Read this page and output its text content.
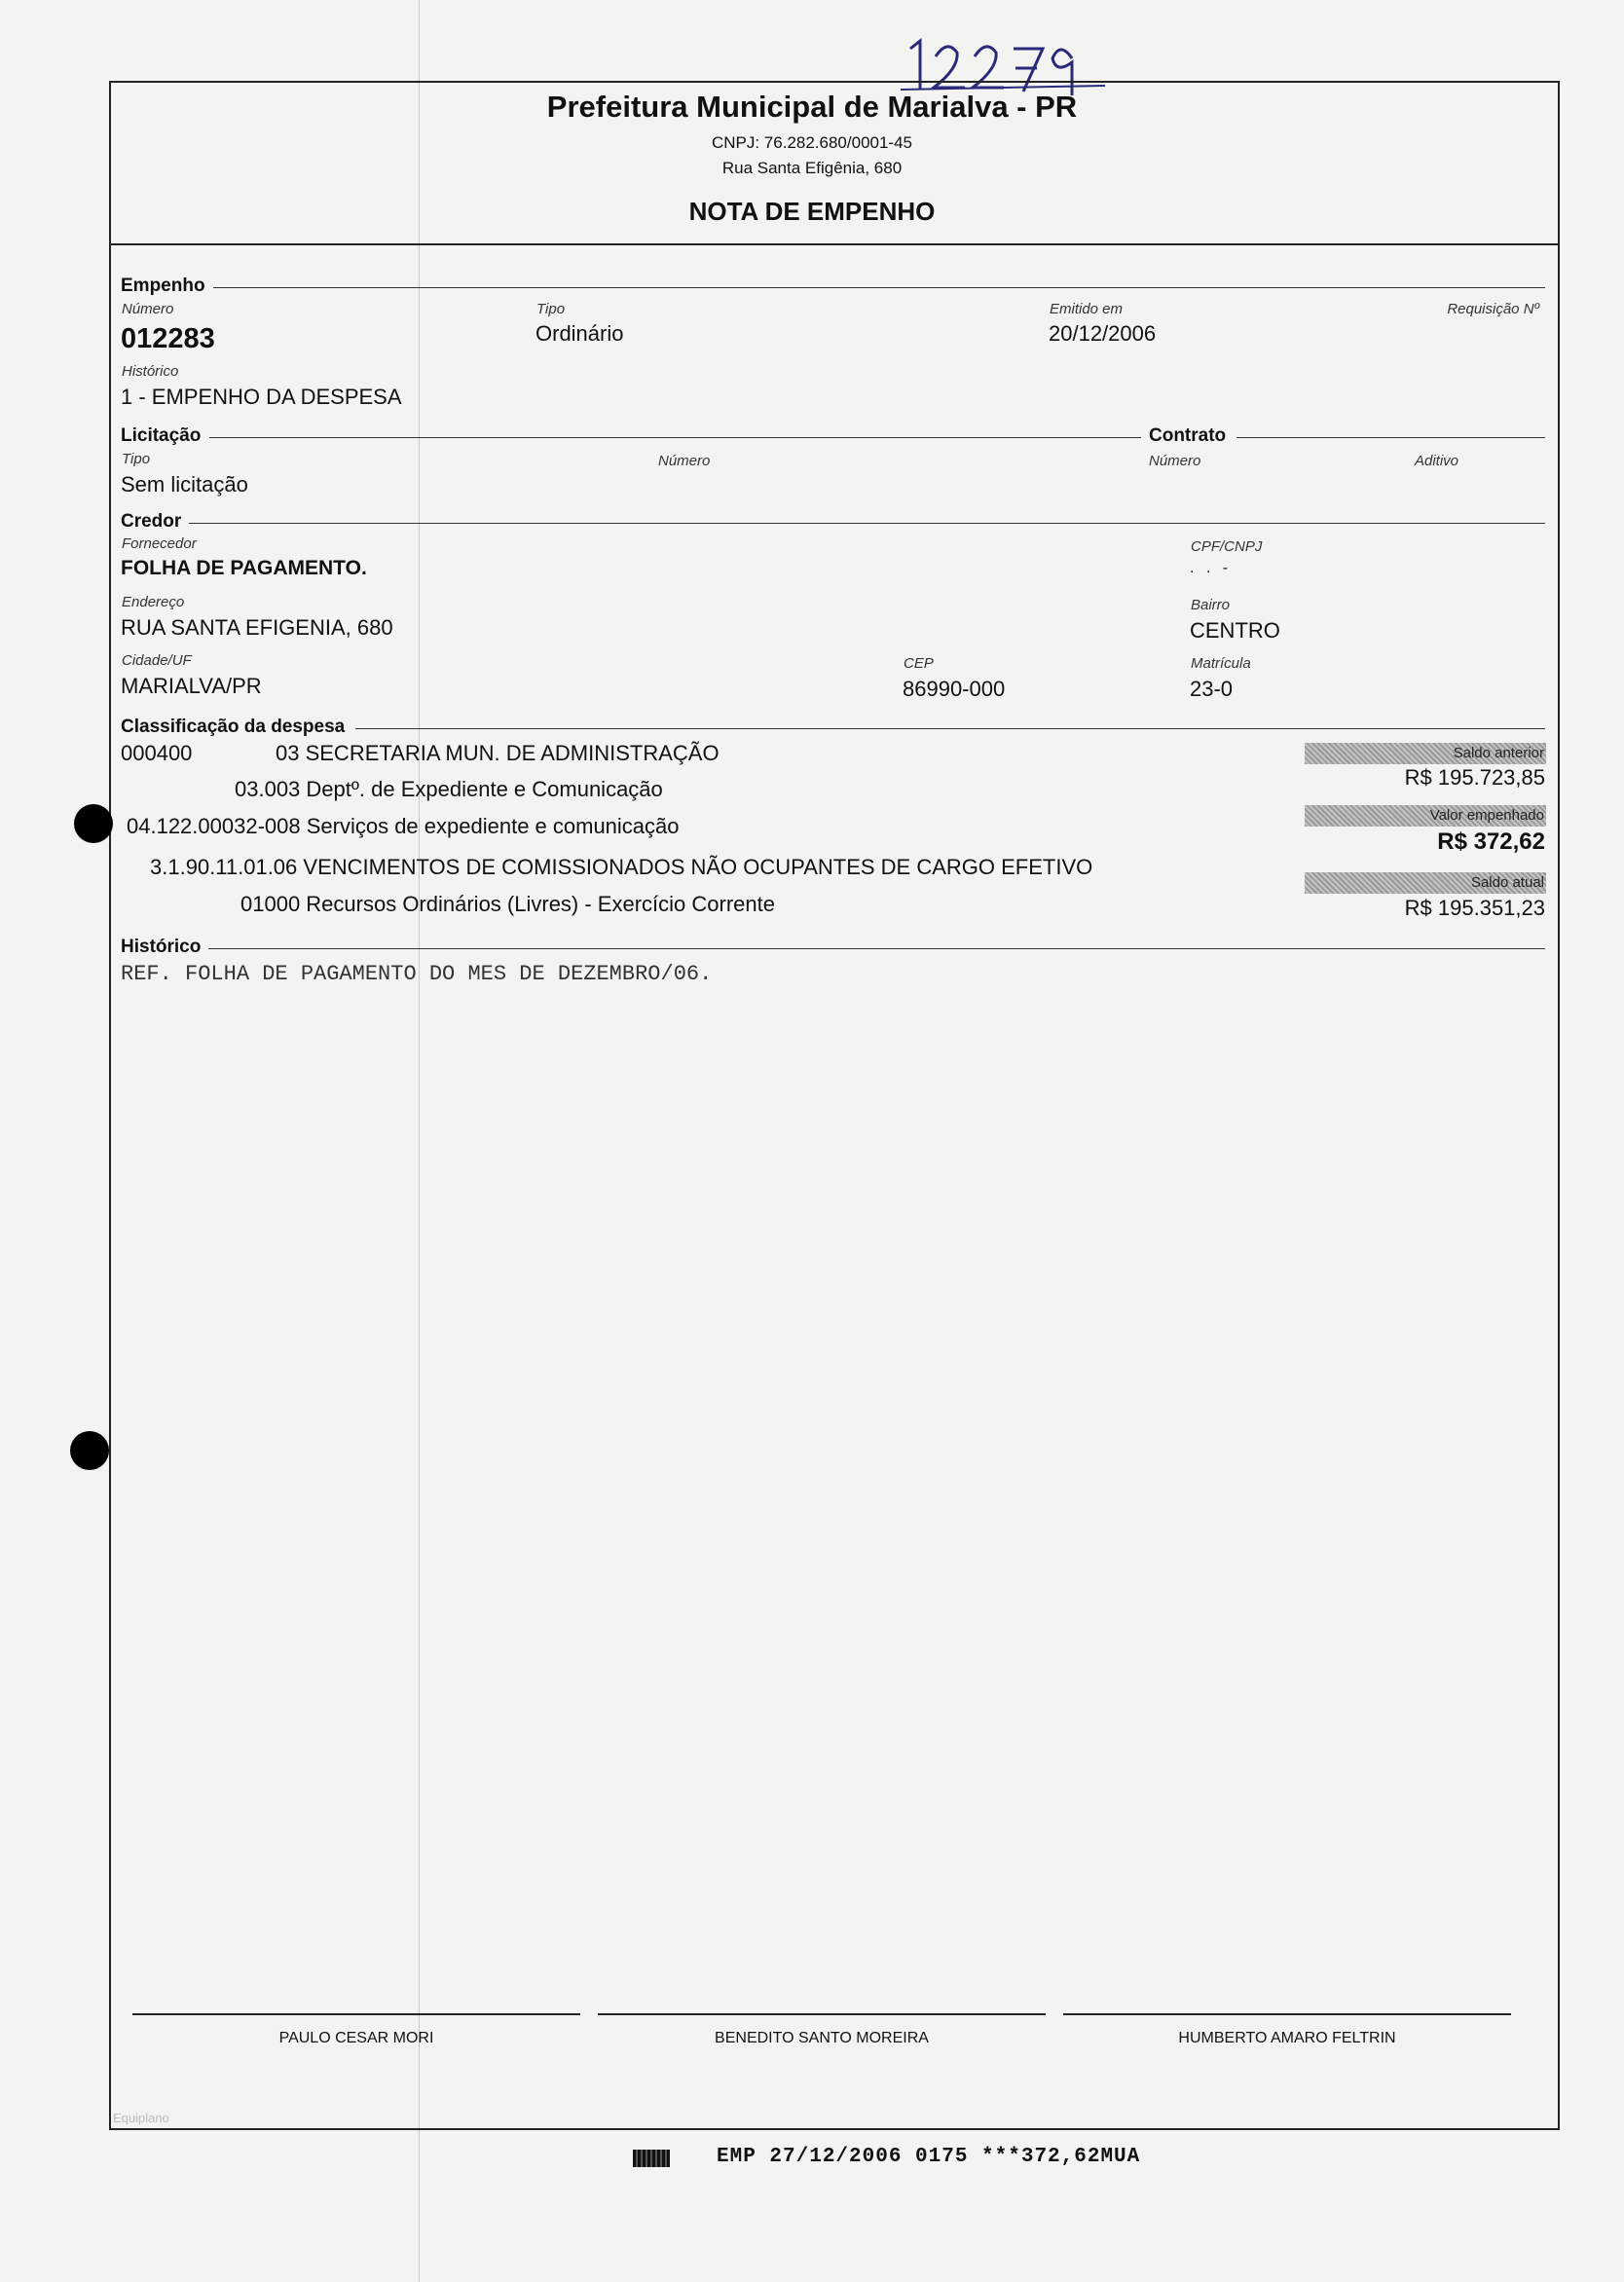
Prefeitura Municipal de Marialva - PR
CNPJ: 76.282.680/0001-45
Rua Santa Efigênia, 680
NOTA DE EMPENHO
Empenho
Número
012283
Tipo
Ordinário
Emitido em
20/12/2006
Requisição Nº
Histórico
1 - EMPENHO DA DESPESA
Licitação	Contrato
Tipo
Sem licitação
Número	Número	Aditivo
Credor
Fornecedor
FOLHA DE PAGAMENTO.
CPF/CNPJ
. . -
Endereço
RUA SANTA EFIGENIA, 680
Bairro
CENTRO
Cidade/UF
MARIALVA/PR
CEP
86990-000
Matrícula
23-0
Classificação da despesa
000400	03 SECRETARIA MUN. DE ADMINISTRAÇÃO
03.003 Deptº. de Expediente e Comunicação
04.122.00032-008 Serviços de expediente e comunicação
3.1.90.11.01.06 VENCIMENTOS DE COMISSIONADOS NÃO OCUPANTES DE CARGO EFETIVO
01000 Recursos Ordinários (Livres) - Exercício Corrente
Saldo anterior
R$ 195.723,85
Valor empenhado
R$ 372,62
Saldo atual
R$ 195.351,23
Histórico
REF. FOLHA DE PAGAMENTO DO MES DE DEZEMBRO/06.
PAULO CESAR MORI	BENEDITO SANTO MOREIRA	HUMBERTO AMARO FELTRIN
Equiplano
EMP 27/12/2006 0175 ***372,62MUA
